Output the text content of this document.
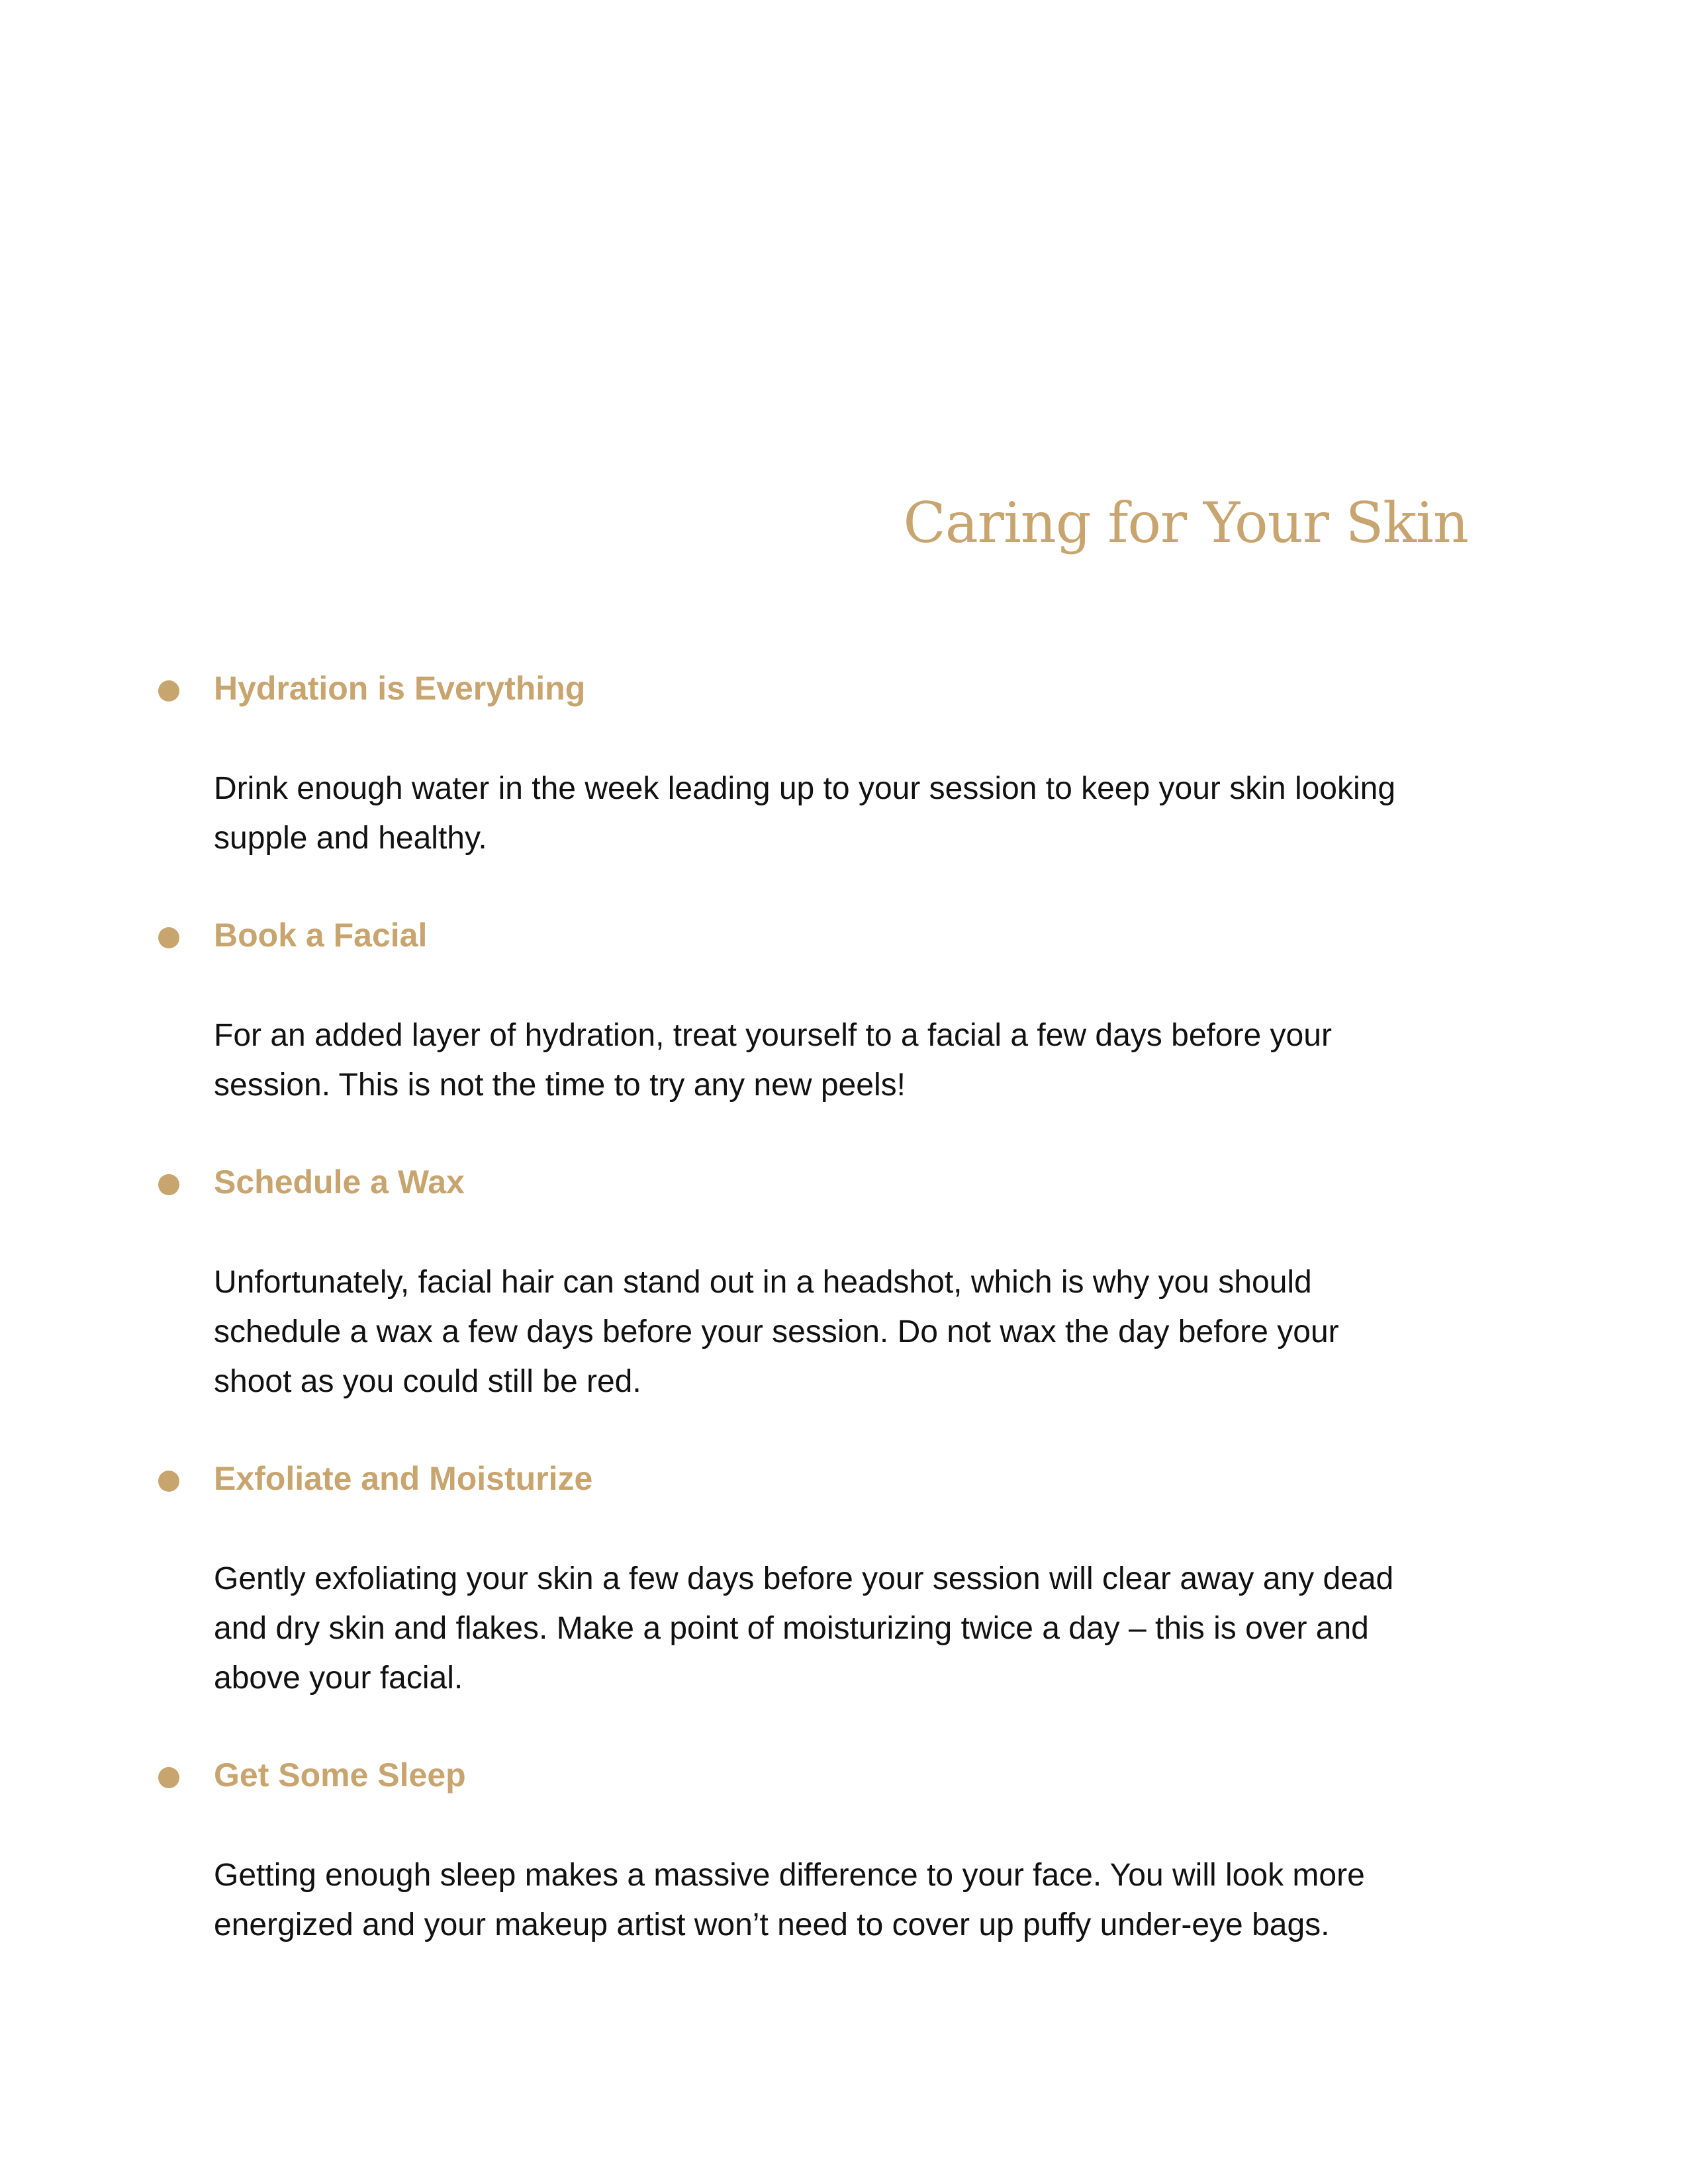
Caring for Your Skin
Hydration is Everything

Drink enough water in the week leading up to your session to keep your skin looking
supple and healthy.

Book a Facial

For an added layer of hydration, treat yourself to a facial a few days before your
session. This is not the time to try any new peels!

Schedule a Wax

Unfortunately, facial hair can stand out in a headshot, which is why you should
schedule a wax a few days before your session. Do not wax the day before your
shoot as you could still be red.

Exfoliate and Moisturize

Gently exfoliating your skin a few days before your session will clear away any dead
and dry skin and flakes. Make a point of moisturizing twice a day – this is over and
above your facial.

Get Some Sleep

Getting enough sleep makes a massive difference to your face. You will look more
energized and your makeup artist won’t need to cover up puffy under-eye bags.
